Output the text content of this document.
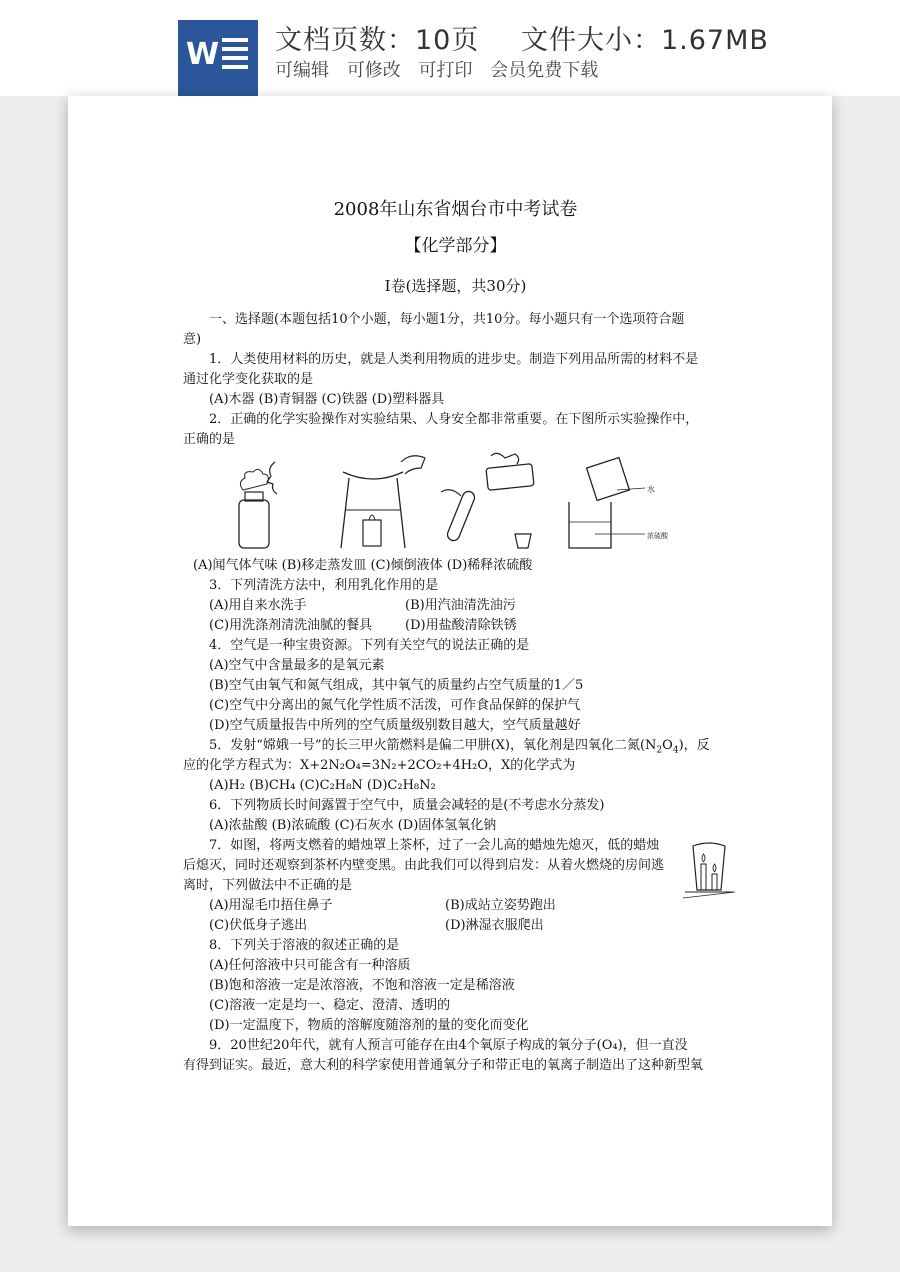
W 文档页数：10页 文件大小：1.67MB
可编辑 可修改 可打印 会员免费下载
2008年山东省烟台市中考试卷
【化学部分】
Ⅰ卷(选择题，共30分)

一、选择题(本题包括10个小题，每小题1分，共10分。每小题只有一个选项符合题

意)

1．人类使用材料的历史，就是人类利用物质的进步史。制造下列用品所需的材料不是

通过化学变化获取的是

(A)木器 (B)青铜器 (C)铁器 (D)塑料器具

2．正确的化学实验操作对实验结果、人身安全都非常重要。在下图所示实验操作中，

正确的是

水
浓硫酸

(A)闻气体气味 (B)移走蒸发皿 (C)倾倒液体 (D)稀释浓硫酸

3．下列清洗方法中，利用乳化作用的是

(A)用自来水洗手	(B)用汽油清洗油污

(C)用洗涤剂清洗油腻的餐具	(D)用盐酸清除铁锈

4．空气是一种宝贵资源。下列有关空气的说法正确的是

(A)空气中含量最多的是氧元素

(B)空气由氧气和氮气组成，其中氧气的质量约占空气质量的1／5

(C)空气中分离出的氮气化学性质不活泼，可作食品保鲜的保护气

(D)空气质量报告中所列的空气质量级别数目越大，空气质量越好

5．发射“嫦娥一号”的长三甲火箭燃料是偏二甲肼(X)，氧化剂是四氧化二氮$(N_2O_4)$，反

应的化学方程式为：X+2N₂O₄=3N₂+2CO₂+4H₂O，X的化学式为

(A)H₂ (B)CH₄ (C)C₂H₈N (D)C₂H₈N₂

6．下列物质长时间露置于空气中，质量会减轻的是(不考虑水分蒸发)

(A)浓盐酸 (B)浓硫酸 (C)石灰水 (D)固体氢氧化钠

7．如图，将两支燃着的蜡烛罩上茶杯，过了一会儿高的蜡烛先熄灭，低的蜡烛

后熄灭，同时还观察到茶杯内壁变黑。由此我们可以得到启发：从着火燃烧的房间逃

离时，下列做法中不正确的是

(A)用湿毛巾捂住鼻子	(B)成站立姿势跑出

(C)伏低身子逃出	(D)淋湿衣服爬出

8．下列关于溶液的叙述正确的是

(A)任何溶液中只可能含有一种溶质

(B)饱和溶液一定是浓溶液，不饱和溶液一定是稀溶液

(C)溶液一定是均一、稳定、澄清、透明的

(D)一定温度下，物质的溶解度随溶剂的量的变化而变化

9．20世纪20年代，就有人预言可能存在由4个氧原子构成的氧分子(O₄)，但一直没

有得到证实。最近，意大利的科学家使用普通氧分子和带正电的氧离子制造出了这种新型氧
